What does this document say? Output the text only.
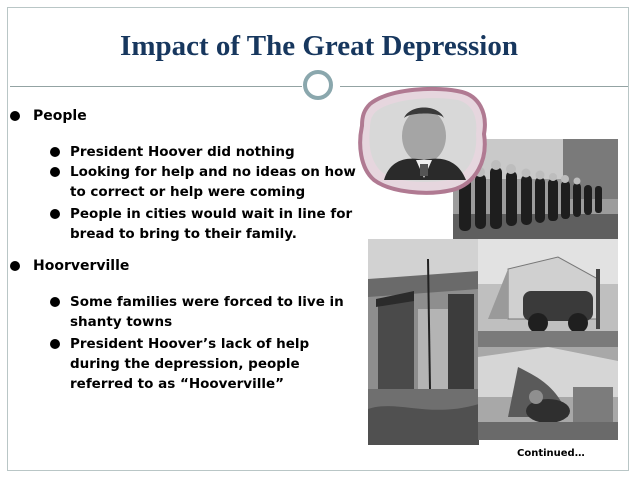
Impact of The Great Depression
People
President Hoover did nothing
Looking for help and no ideas on how to correct or help were coming
People in cities would wait in line for bread to bring to their family.
Hoorverville
Some families were forced to live in shanty towns
President Hoover’s lack of help during the depression, people referred to as “Hooverville”
Continued…
